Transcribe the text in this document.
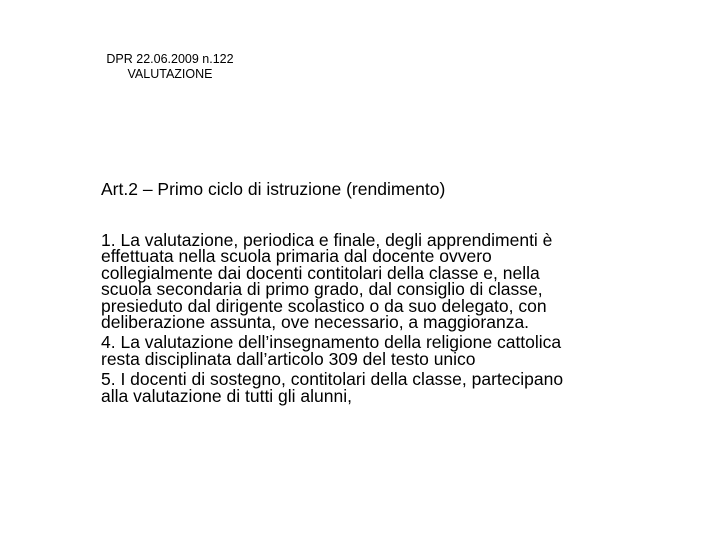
DPR 22.06.2009 n.122
VALUTAZIONE
Art.2 – Primo ciclo di istruzione (rendimento)

1. La valutazione, periodica e finale, degli apprendimenti è
effettuata nella scuola primaria dal docente ovvero
collegialmente dai docenti contitolari della classe e, nella
scuola secondaria di primo grado, dal consiglio di classe,
presieduto dal dirigente scolastico o da suo delegato, con
deliberazione assunta, ove necessario, a maggioranza.

4. La valutazione dell’insegnamento della religione cattolica
resta disciplinata dall’articolo 309 del testo unico

5. I docenti di sostegno, contitolari della classe, partecipano
alla valutazione di tutti gli alunni,
